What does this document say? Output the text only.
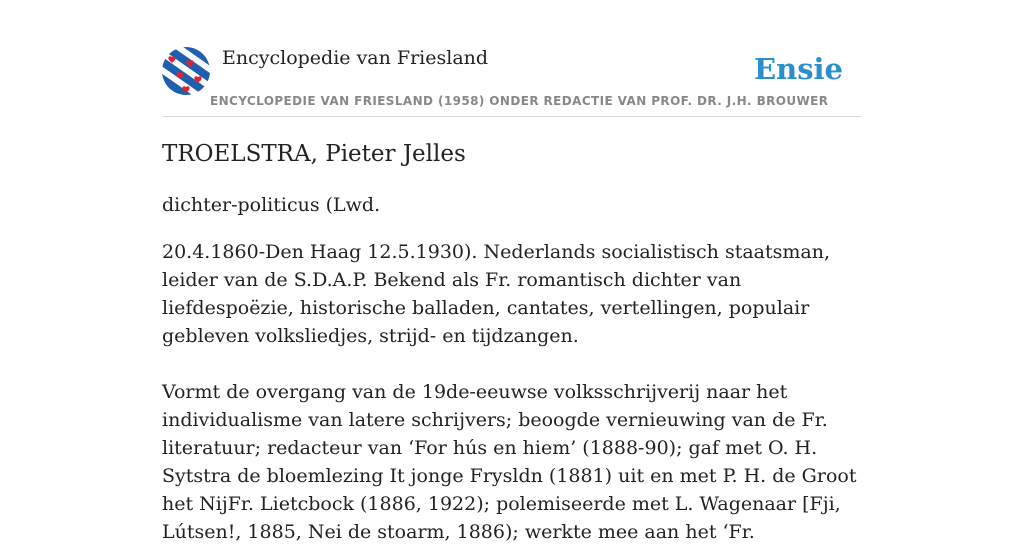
Encyclopedie van Friesland	Ensie
ENCYCLOPEDIE VAN FRIESLAND (1958) ONDER REDACTIE VAN PROF. DR. J.H. BROUWER
TROELSTRA, Pieter Jelles

dichter-politicus (Lwd.

20.4.1860-Den Haag 12.5.1930). Nederlands socialistisch staatsman, leider van de S.D.A.P. Bekend als Fr. romantisch dichter van liefdespoëzie, historische balladen, cantates, vertellingen, populair gebleven volksliedjes, strijd- en tijdzangen.

Vormt de overgang van de 19de-eeuwse volksschrijverij naar het individualisme van latere schrijvers; beoogde vernieuwing van de Fr. literatuur; redacteur van ‘For hús en hiem’ (1888-90); gaf met O. H. Sytstra de bloemlezing It jonge Frysldn (1881) uit en met P. H. de Groot het NijFr. Lietcbock (1886, 1922); polemiseerde met L. Wagenaar [Fji, Lútsen!, 1885, Nei de stoarm, 1886); werkte mee aan het ‘Fr.
